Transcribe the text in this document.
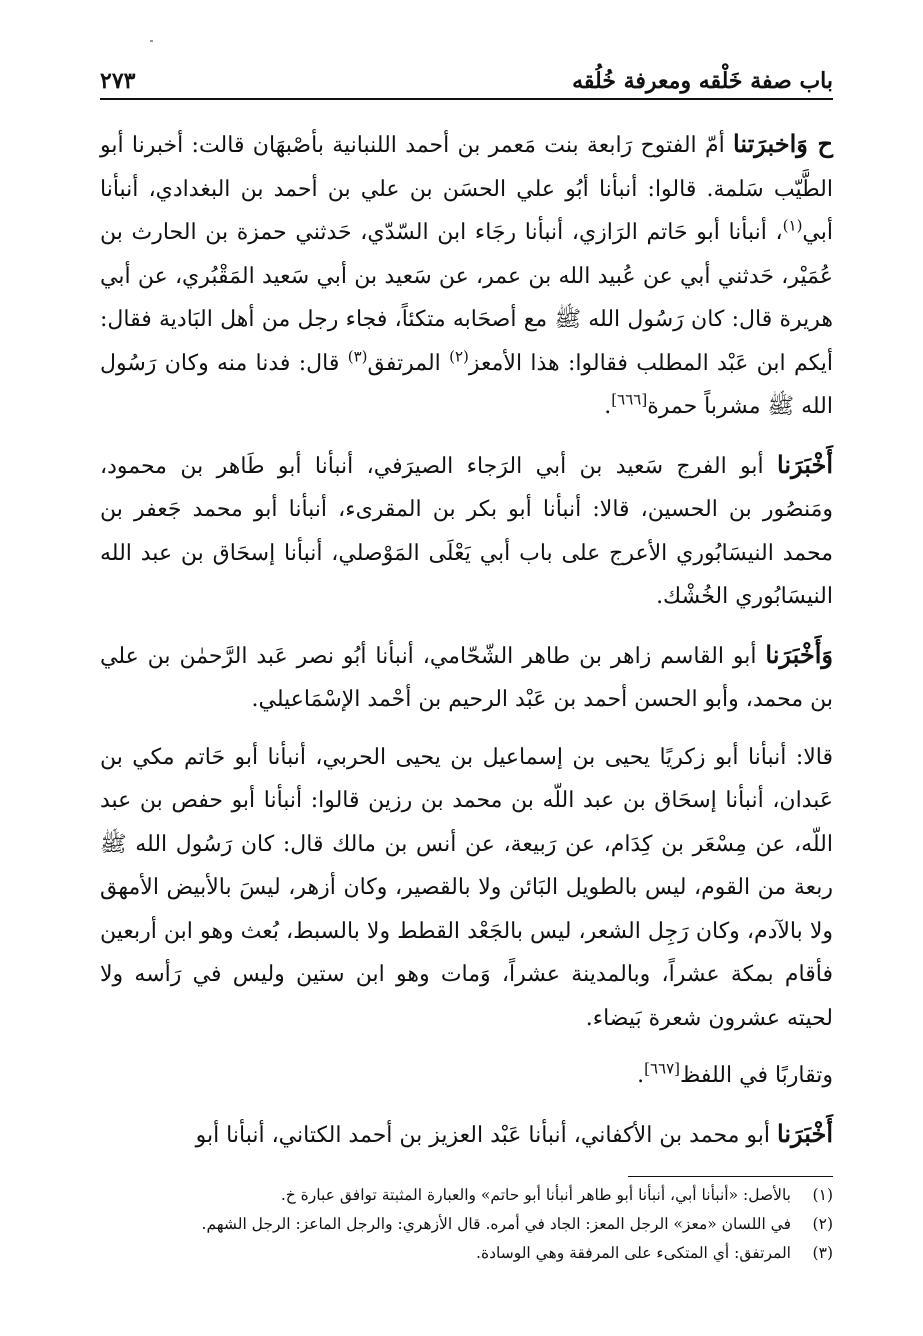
باب صفة خَلْقه ومعرفة خُلُقه
٢٧٣

ح وَاخبرَتنا أمّ الفتوح رَابعة بنت مَعمر بن أحمد اللنبانية بأصْبهَان قالت: أخبرنا أبو الطَّيّب سَلمة. قالوا: أنبأنا أبُو علي الحسَن بن علي بن أحمد بن البغدادي، أنبأنا أبي$^{(١)}$، أنبأنا أبو حَاتم الرَازي، أنبأنا رجَاء ابن السّدّي، حَدثني حمزة بن الحارث بن عُمَيْر، حَدثني أبي عن عُبيد الله بن عمر، عن سَعيد بن أبي سَعيد المَقْبُري، عن أبي هريرة قال: كان رَسُول الله ﷺ مع أصحَابه متكئاً، فجاء رجل من أهل البَادية فقال: أيكم ابن عَبْد المطلب فقالوا: هذا الأمعز$^{(٢)}$ المرتفق$^{(٣)}$ قال: فدنا منه وكان رَسُول الله ﷺ مشرباً حمرة[٦٦٦].

أَخْبَرَنا أبو الفرج سَعيد بن أبي الرَجاء الصيرَفي، أنبأنا أبو طَاهر بن محمود، ومَنصُور بن الحسين، قالا: أنبأنا أبو بكر بن المقرىء، أنبأنا أبو محمد جَعفر بن محمد النيسَابُوري الأعرج على باب أبي يَعْلَى المَوْصلي، أنبأنا إسحَاق بن عبد الله النيسَابُوري الخُشْك.

وَأَخْبَرَنا أبو القاسم زاهر بن طاهر الشّحّامي، أنبأنا أبُو نصر عَبد الرَّحمٰن بن علي بن محمد، وأبو الحسن أحمد بن عَبْد الرحيم بن أحْمد الإسْمَاعيلي.

قالا: أنبأنا أبو زكريًا يحيى بن إسماعيل بن يحيى الحربي، أنبأنا أبو حَاتم مكي بن عَبدان، أنبأنا إسحَاق بن عبد اللّه بن محمد بن رزين قالوا: أنبأنا أبو حفص بن عبد اللّه، عن مِسْعَر بن كِدَام، عن رَبيعة، عن أنس بن مالك قال: كان رَسُول الله ﷺ ربعة من القوم، ليس بالطويل البَائن ولا بالقصير، وكان أزهر، ليسَ بالأبيض الأمهق ولا بالآدم، وكان رَجِل الشعر، ليس بالجَعْد القطط ولا بالسبط، بُعث وهو ابن أربعين فأقام بمكة عشراً، وبالمدينة عشراً، وَمات وهو ابن ستين وليس في رَأسه ولا لحيته عشرون شعرة بَيضاء.

وتقاربًا في اللفظ[٦٦٧].

أَخْبَرَنا أبو محمد بن الأكفاني، أنبأنا عَبْد العزيز بن أحمد الكتاني، أنبأنا أبو

(١)
بالأصل: «أنبأنا أبي، أنبأنا أبو طاهر أنبأنا أبو حاتم» والعبارة المثبتة توافق عبارة خ.
(٢)
في اللسان «معز» الرجل المعز: الجاد في أمره. قال الأزهري: والرجل الماعز: الرجل الشهم.
(٣)
المرتفق: أي المتكىء على المرفقة وهي الوسادة.
